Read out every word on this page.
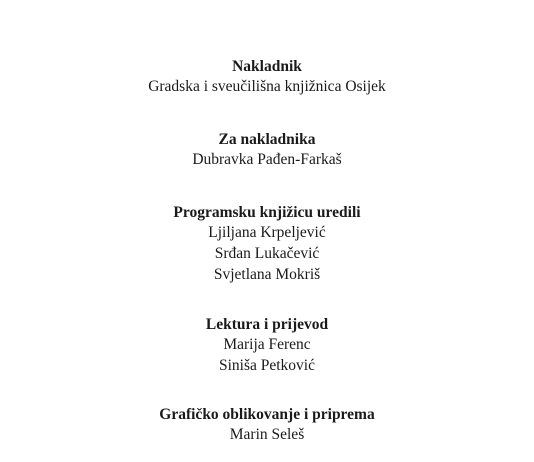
Nakladnik

Gradska i sveučilišna knjižnica Osijek

Za nakladnika

Dubravka Pađen-Farkaš

Programsku knjižicu uredili

Ljiljana Krpeljević

Srđan Lukačević

Svjetlana Mokriš

Lektura i prijevod

Marija Ferenc

Siniša Petković

Grafičko oblikovanje i priprema

Marin Seleš
